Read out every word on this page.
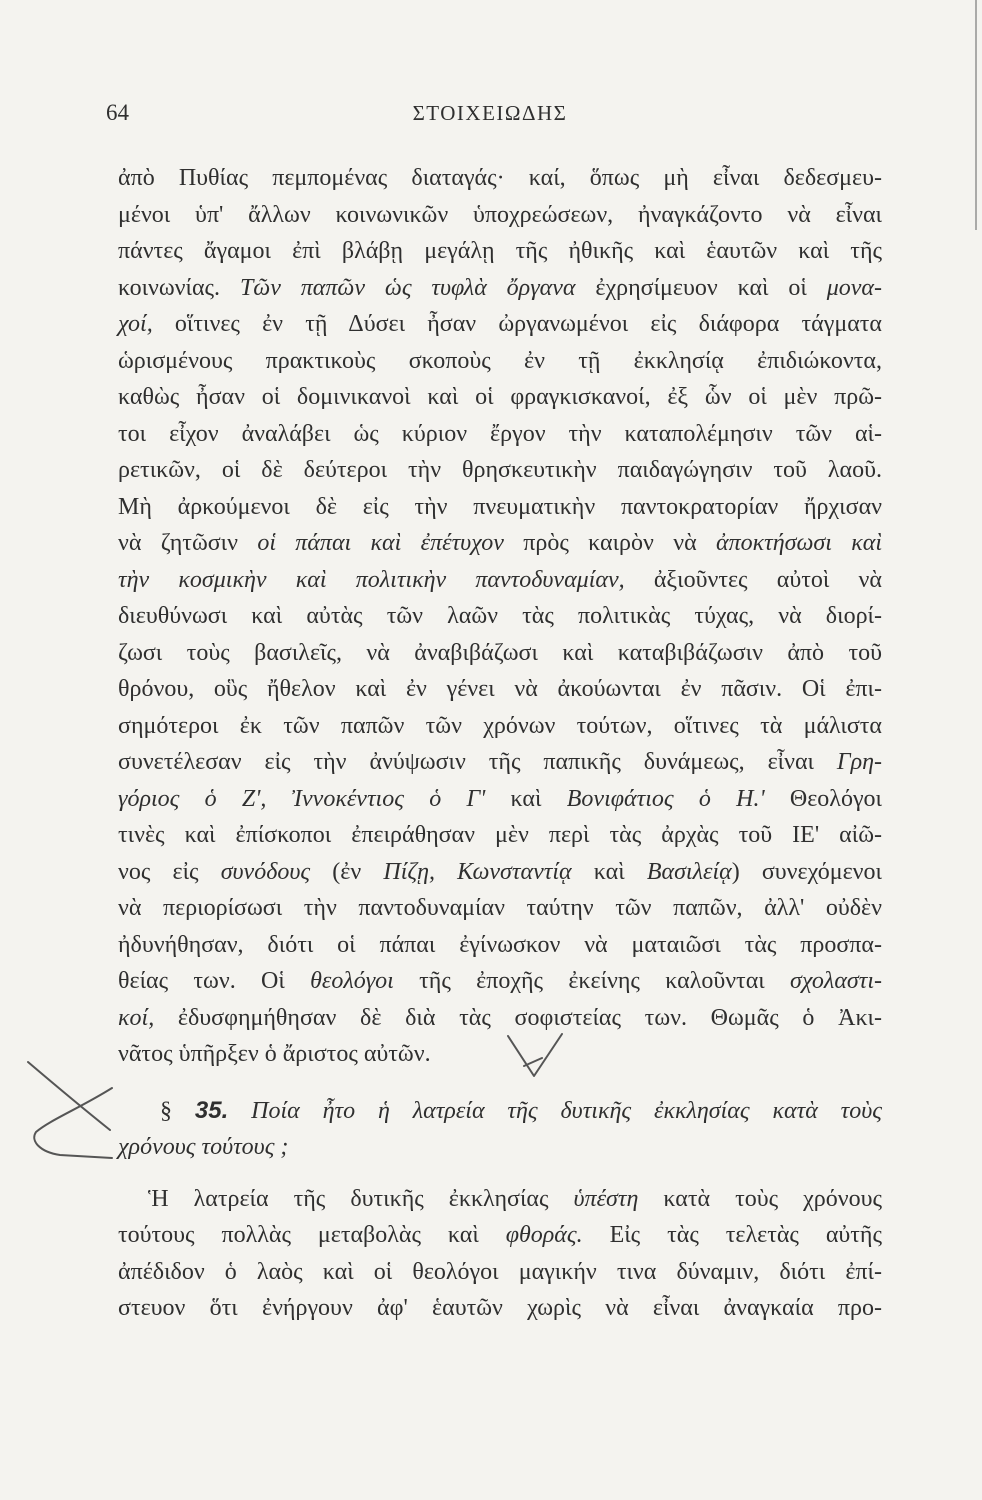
64	ΣΤΟΙΧΕΙΩΔΗΣ
ἀπὸ Πυθίας πεμπομένας διαταγάς· καί, ὅπως μὴ εἶναι δεδεσμευ-
μένοι ὑπ' ἄλλων κοινωνικῶν ὑποχρεώσεων, ἠναγκάζοντο νὰ εἶναι
πάντες ἄγαμοι ἐπὶ βλάβῃ μεγάλῃ τῆς ἠθικῆς καὶ ἑαυτῶν καὶ τῆς
κοινωνίας. Τῶν παπῶν ὡς τυφλὰ ὄργανα ἐχρησίμευον καὶ οἱ μονα-
χοί, οἵτινες ἐν τῇ Δύσει ἦσαν ὠργανωμένοι εἰς διάφορα τάγματα
ὡρισμένους πρακτικοὺς σκοποὺς ἐν τῇ ἐκκλησίᾳ ἐπιδιώκοντα,
καθὼς ἦσαν οἱ δομινικανοὶ καὶ οἱ φραγκισκανοί, ἐξ ὧν οἱ μὲν πρῶ-
τοι εἶχον ἀναλάβει ὡς κύριον ἔργον τὴν καταπολέμησιν τῶν αἱ-
ρετικῶν, οἱ δὲ δεύτεροι τὴν θρησκευτικὴν παιδαγώγησιν τοῦ λαοῦ.
Μὴ ἀρκούμενοι δὲ εἰς τὴν πνευματικὴν παντοκρατορίαν ἤρχισαν
νὰ ζητῶσιν οἱ πάπαι καὶ ἐπέτυχον πρὸς καιρὸν νὰ ἀποκτήσωσι καὶ
τὴν κοσμικὴν καὶ πολιτικὴν παντοδυναμίαν, ἀξιοῦντες αὐτοὶ νὰ
διευθύνωσι καὶ αὐτὰς τῶν λαῶν τὰς πολιτικὰς τύχας, νὰ διορί-
ζωσι τοὺς βασιλεῖς, νὰ ἀναβιβάζωσι καὶ καταβιβάζωσιν ἀπὸ τοῦ
θρόνου, οὓς ἤθελον καὶ ἐν γένει νὰ ἀκούωνται ἐν πᾶσιν. Οἱ ἐπι-
σημότεροι ἐκ τῶν παπῶν τῶν χρόνων τούτων, οἵτινες τὰ μάλιστα
συνετέλεσαν εἰς τὴν ἀνύψωσιν τῆς παπικῆς δυνάμεως, εἶναι Γρη-
γόριος ὁ Ζ', Ἰννοκέντιος ὁ Γ' καὶ Βονιφάτιος ὁ Η.' Θεολόγοι
τινὲς καὶ ἐπίσκοποι ἐπειράθησαν μὲν περὶ τὰς ἀρχὰς τοῦ ΙΕ' αἰῶ-
νος εἰς συνόδους (ἐν Πίζῃ, Κωνσταντίᾳ καὶ Βασιλείᾳ) συνεχόμενοι
νὰ περιορίσωσι τὴν παντοδυναμίαν ταύτην τῶν παπῶν, ἀλλ' οὐδὲν
ἠδυνήθησαν, διότι οἱ πάπαι ἐγίνωσκον νὰ ματαιῶσι τὰς προσπα-
θείας των. Οἱ θεολόγοι τῆς ἐποχῆς ἐκείνης καλοῦνται σχολαστι-
κοί, ἐδυσφημήθησαν δὲ διὰ τὰς σοφιστείας των. Θωμᾶς ὁ Ἀκι-
νᾶτος ὑπῆρξεν ὁ ἄριστος αὐτῶν.
§ 35. Ποία ἦτο ἡ λατρεία τῆς δυτικῆς ἐκκλησίας κατὰ τοὺς
χρόνους τούτους ;
Ἡ λατρεία τῆς δυτικῆς ἐκκλησίας ὑπέστη κατὰ τοὺς χρόνους
τούτους πολλὰς μεταβολὰς καὶ φθοράς. Εἰς τὰς τελετὰς αὐτῆς
ἀπέδιδον ὁ λαὸς καὶ οἱ θεολόγοι μαγικήν τινα δύναμιν, διότι ἐπί-
στευον ὅτι ἐνήργουν ἀφ' ἑαυτῶν χωρὶς νὰ εἶναι ἀναγκαία προ-
